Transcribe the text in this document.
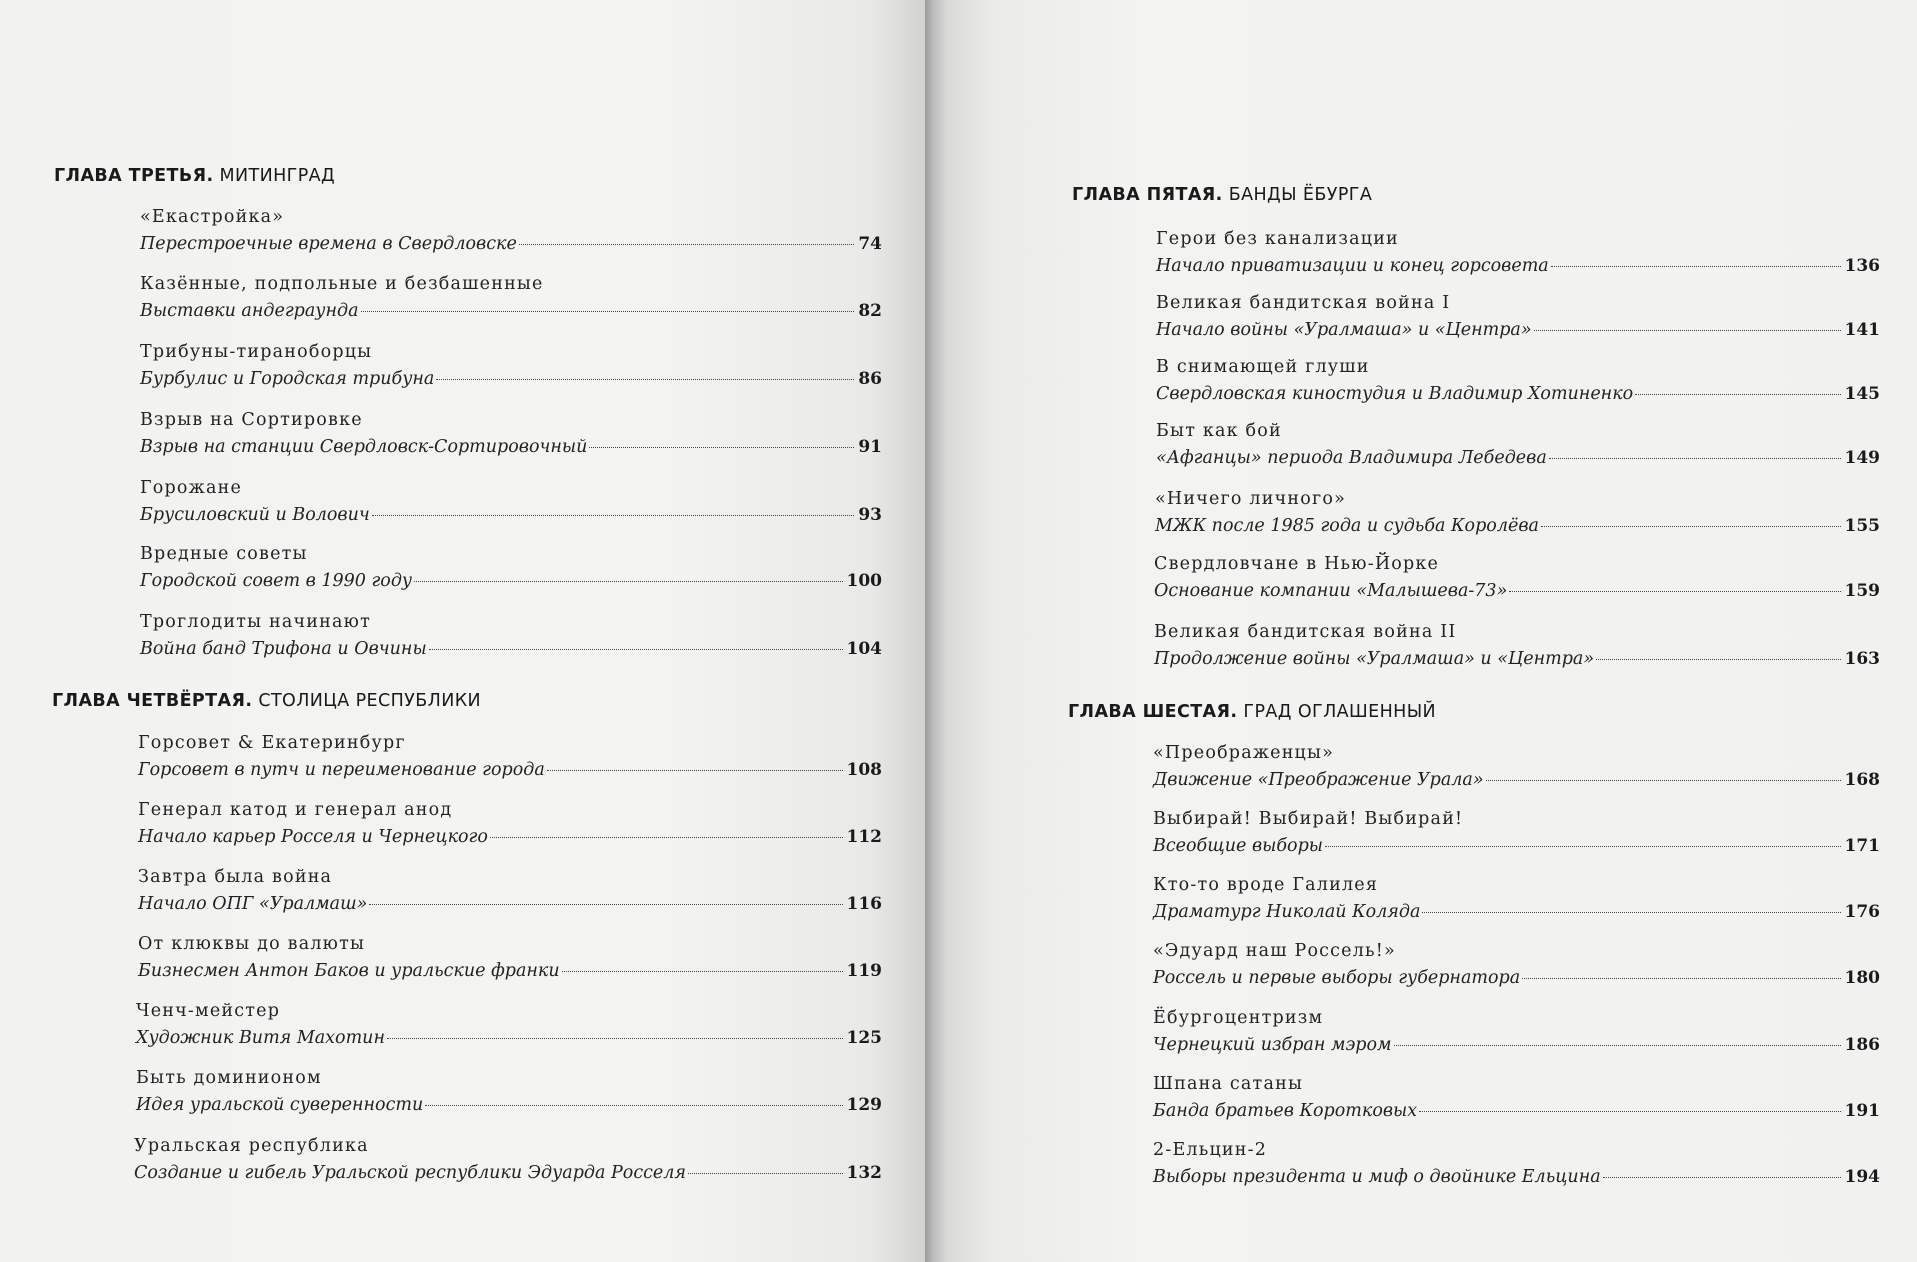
ГЛАВА ТРЕТЬЯ. МИТИНГРАД
«Екастройка»
Перестроечные времена в Свердловске	74
Казённые, подпольные и безбашенные
Выставки андеграунда	82
Трибуны-тираноборцы
Бурбулис и Городская трибуна	86
Взрыв на Сортировке
Взрыв на станции Свердловск-Сортировочный	91
Горожане
Брусиловский и Волович	93
Вредные советы
Городской совет в 1990 году	100
Троглодиты начинают
Война банд Трифона и Овчины	104
ГЛАВА ЧЕТВЁРТАЯ. СТОЛИЦА РЕСПУБЛИКИ
Горсовет & Екатеринбург
Горсовет в путч и переименование города	108
Генерал катод и генерал анод
Начало карьер Росселя и Чернецкого	112
Завтра была война
Начало ОПГ «Уралмаш»	116
От клюквы до валюты
Бизнесмен Антон Баков и уральские франки	119
Ченч-мейстер
Художник Витя Махотин	125
Быть доминионом
Идея уральской суверенности	129
Уральская республика
Создание и гибель Уральской республики Эдуарда Росселя	132
ГЛАВА ПЯТАЯ. БАНДЫ ЁБУРГА
Герои без канализации
Начало приватизации и конец горсовета	136
Великая бандитская война I
Начало войны «Уралмаша» и «Центра»	141
В снимающей глуши
Свердловская киностудия и Владимир Хотиненко	145
Быт как бой
«Афганцы» периода Владимира Лебедева	149
«Ничего личного»
МЖК после 1985 года и судьба Королёва	155
Свердловчане в Нью-Йорке
Основание компании «Малышева-73»	159
Великая бандитская война II
Продолжение войны «Уралмаша» и «Центра»	163
ГЛАВА ШЕСТАЯ. ГРАД ОГЛАШЕННЫЙ
«Преображенцы»
Движение «Преображение Урала»	168
Выбирай! Выбирай! Выбирай!
Всеобщие выборы	171
Кто-то вроде Галилея
Драматург Николай Коляда	176
«Эдуард наш Россель!»
Россель и первые выборы губернатора	180
Ёбургоцентризм
Чернецкий избран мэром	186
Шпана сатаны
Банда братьев Коротковых	191
2-Ельцин-2
Выборы президента и миф о двойнике Ельцина	194
